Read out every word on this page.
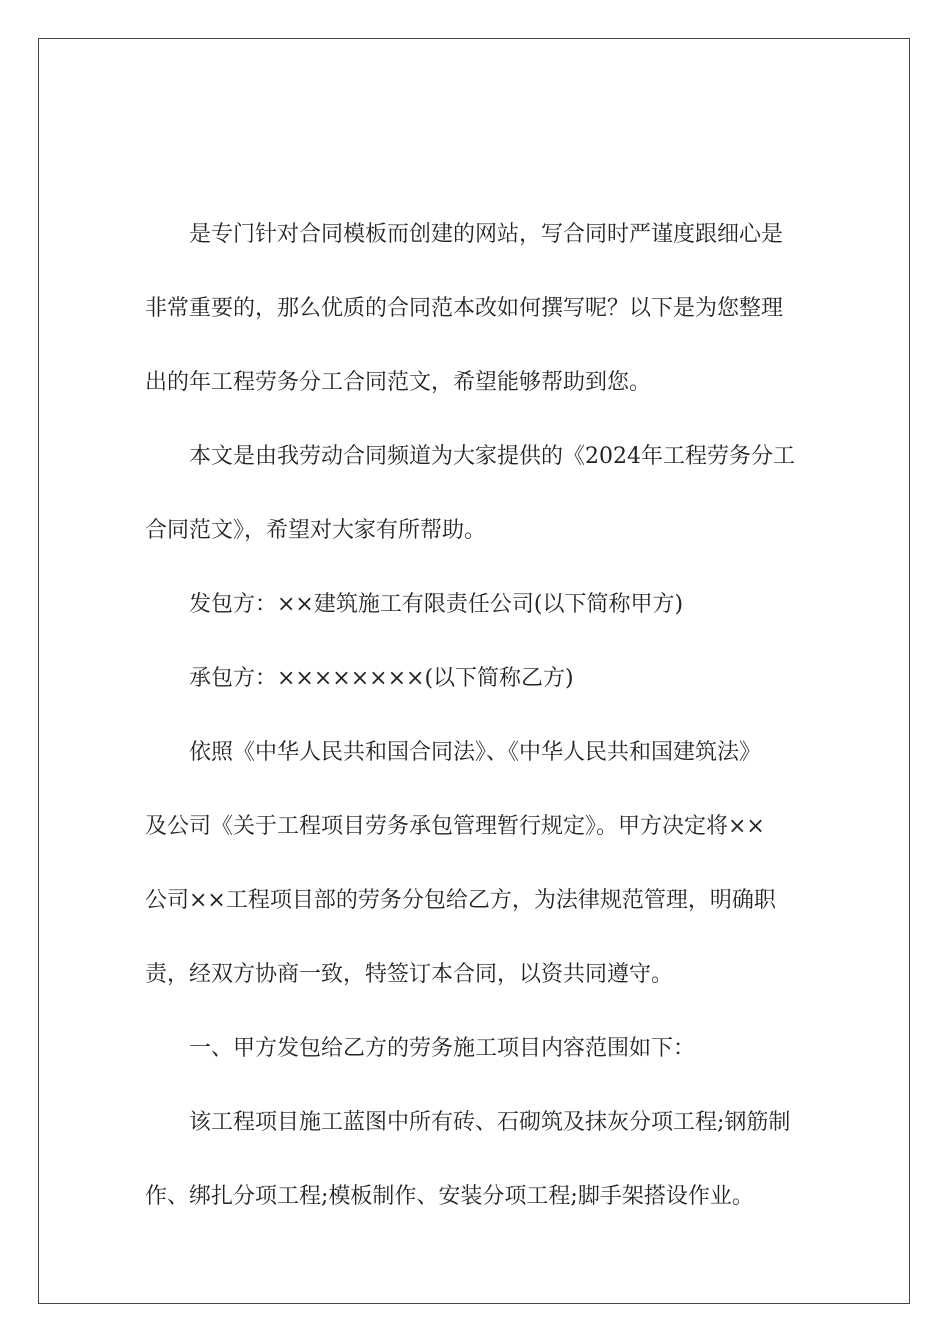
是专门针对合同模板而创建的网站，写合同时严谨度跟细心是
非常重要的，那么优质的合同范本改如何撰写呢？以下是为您整理
出的年工程劳务分工合同范文，希望能够帮助到您。
本文是由我劳动合同频道为大家提供的《2024年工程劳务分工
合同范文》，希望对大家有所帮助。
发包方：××建筑施工有限责任公司(以下简称甲方)
承包方：××××××××(以下简称乙方)
依照《中华人民共和国合同法》、《中华人民共和国建筑法》
及公司《关于工程项目劳务承包管理暂行规定》。甲方决定将××
公司××工程项目部的劳务分包给乙方，为法律规范管理，明确职
责，经双方协商一致，特签订本合同，以资共同遵守。
一、甲方发包给乙方的劳务施工项目内容范围如下：
该工程项目施工蓝图中所有砖、石砌筑及抹灰分项工程;钢筋制
作、绑扎分项工程;模板制作、安装分项工程;脚手架搭设作业。
